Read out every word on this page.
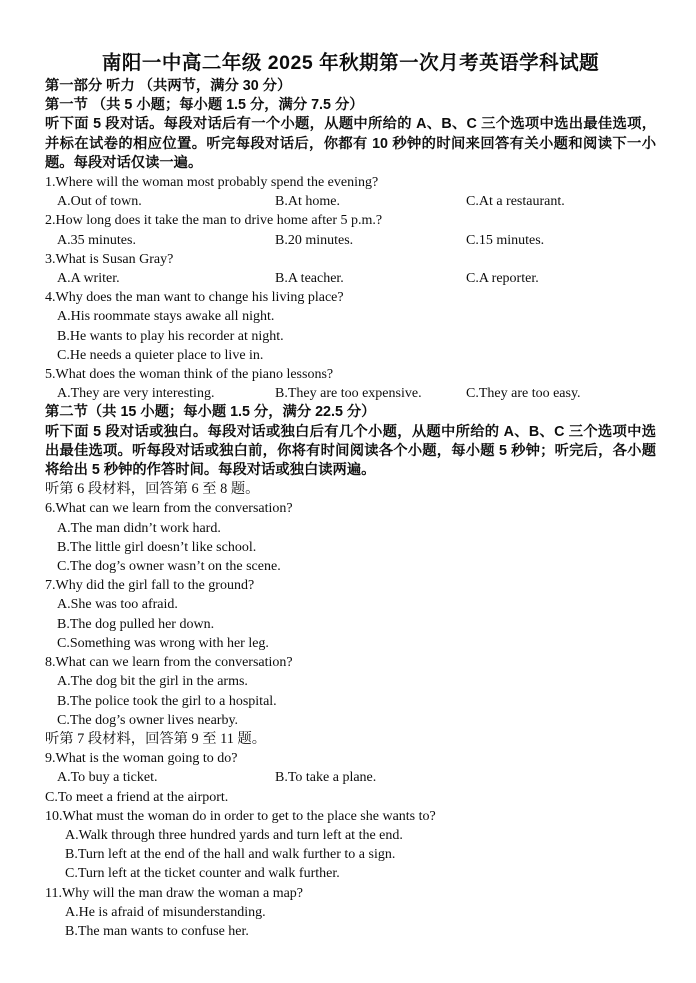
南阳一中高二年级 2025 年秋期第一次月考英语学科试题
第一部分 听力 （共两节，满分 30 分）
第一节 （共 5 小题；每小题 1.5 分，满分 7.5 分）
听下面 5 段对话。每段对话后有一个小题，从题中所给的 A、B、C 三个选项中选出最佳选项，并标在试卷的相应位置。听完每段对话后，你都有 10 秒钟的时间来回答有关小题和阅读下一小题。每段对话仅读一遍。
1.Where will the woman most probably spend the evening?
A.Out of town.	B.At home.	C.At a restaurant.
2.How long does it take the man to drive home after 5 p.m.?
A.35 minutes.	B.20 minutes.	C.15 minutes.
3.What is Susan Gray?
A.A writer.	B.A teacher.	C.A reporter.
4.Why does the man want to change his living place?
A.His roommate stays awake all night.
B.He wants to play his recorder at night.
C.He needs a quieter place to live in.
5.What does the woman think of the piano lessons?
A.They are very interesting.	B.They are too expensive.	C.They are too easy.
第二节（共 15 小题；每小题 1.5 分，满分 22.5 分）
听下面 5 段对话或独白。每段对话或独白后有几个小题，从题中所给的 A、B、C 三个选项中选出最佳选项。听每段对话或独白前，你将有时间阅读各个小题，每小题 5 秒钟；听完后，各小题将给出 5 秒钟的作答时间。每段对话或独白读两遍。
听第 6 段材料，回答第 6 至 8 题。
6.What can we learn from the conversation?
A.The man didn’t work hard.
B.The little girl doesn’t like school.
C.The dog’s owner wasn’t on the scene.
7.Why did the girl fall to the ground?
A.She was too afraid.
B.The dog pulled her down.
C.Something was wrong with her leg.
8.What can we learn from the conversation?
A.The dog bit the girl in the arms.
B.The police took the girl to a hospital.
C.The dog’s owner lives nearby.
听第 7 段材料，回答第 9 至 11 题。
9.What is the woman going to do?
A.To buy a ticket.	B.To take a plane.
C.To meet a friend at the airport.
10.What must the woman do in order to get to the place she wants to?
A.Walk through three hundred yards and turn left at the end.
B.Turn left at the end of the hall and walk further to a sign.
C.Turn left at the ticket counter and walk further.
11.Why will the man draw the woman a map?
A.He is afraid of misunderstanding.
B.The man wants to confuse her.
